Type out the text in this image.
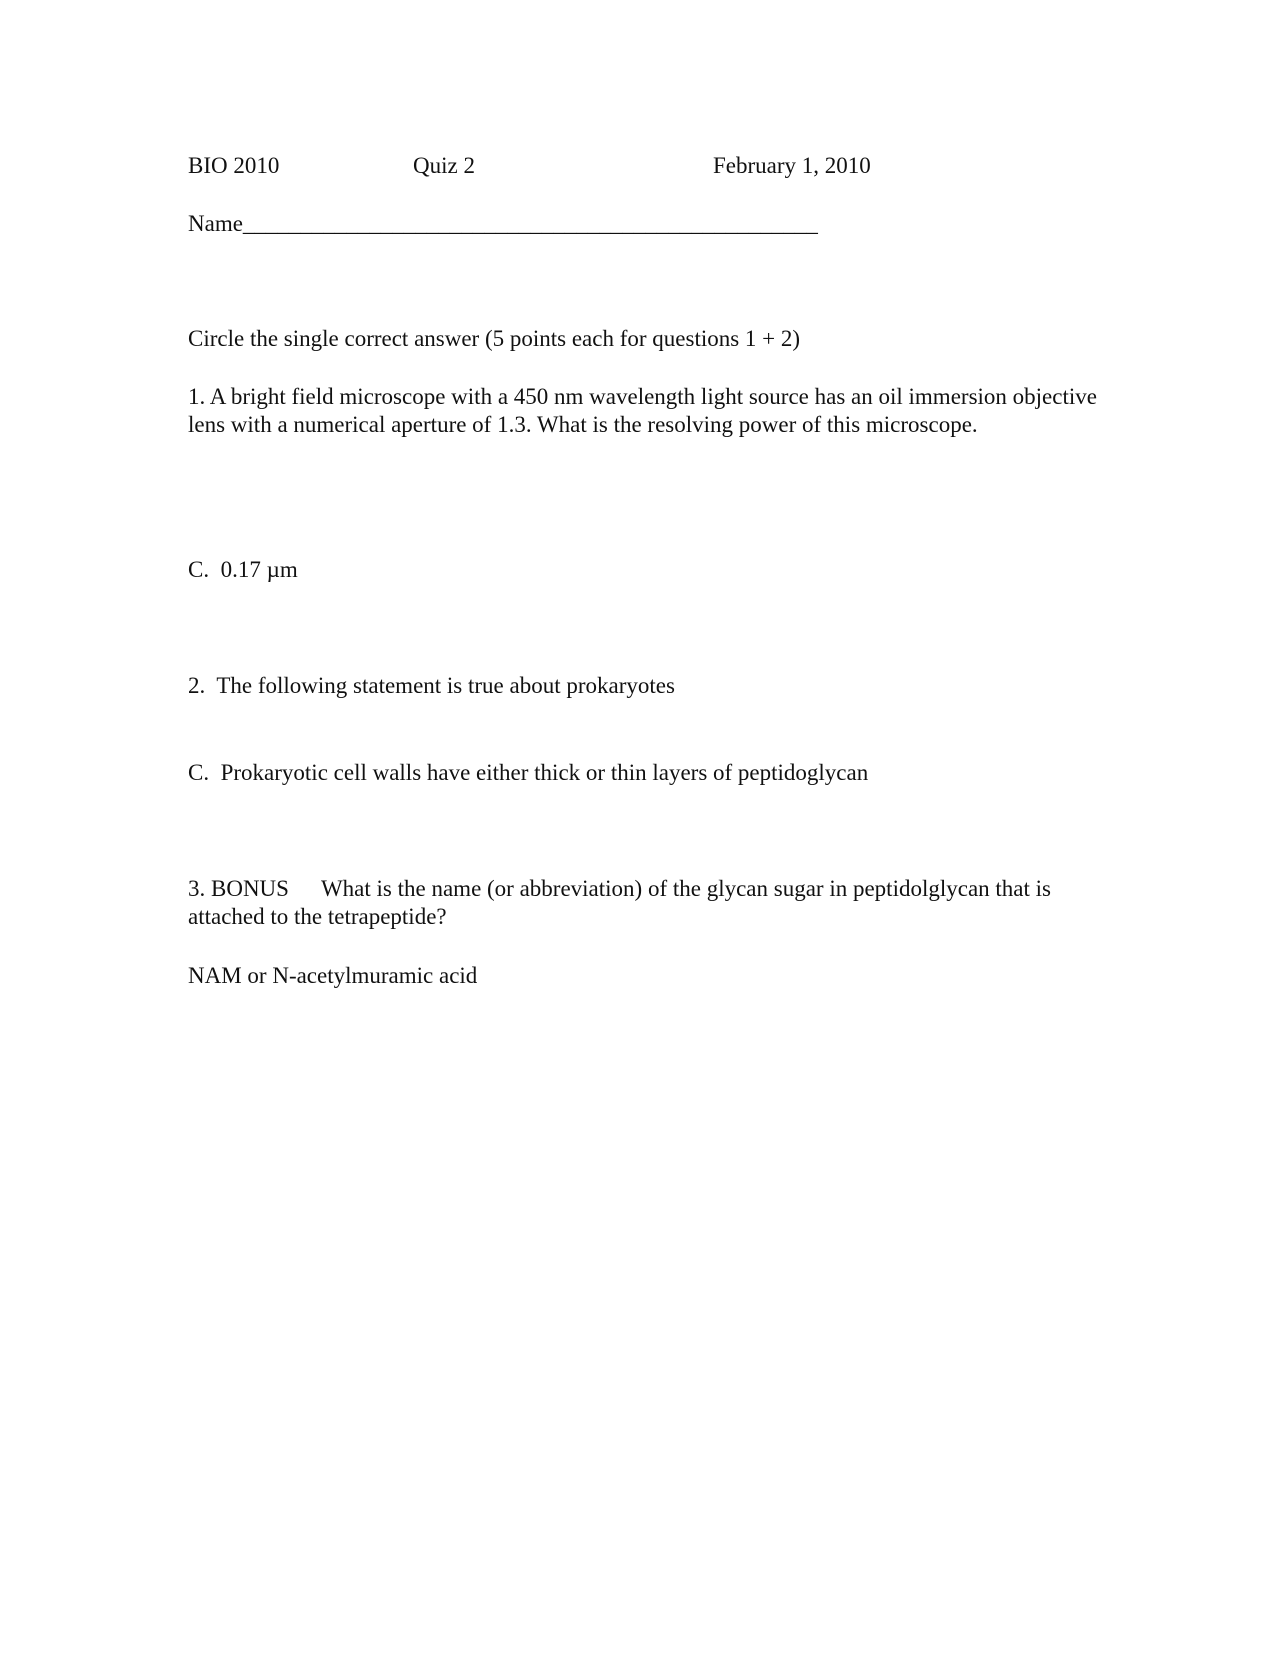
BIO 2010	Quiz 2	February 1, 2010
Name__________________________________________________
Circle the single correct answer (5 points each for questions 1 + 2)
1. A bright field microscope with a 450 nm wavelength light source has an oil immersion objective lens with a numerical aperture of 1.3. What is the resolving power of this microscope.
C.  0.17 µm
2.  The following statement is true about prokaryotes
C.  Prokaryotic cell walls have either thick or thin layers of peptidoglycan
3. BONUS What is the name (or abbreviation) of the glycan sugar in peptidolglycan that is attached to the tetrapeptide?
NAM or N-acetylmuramic acid
